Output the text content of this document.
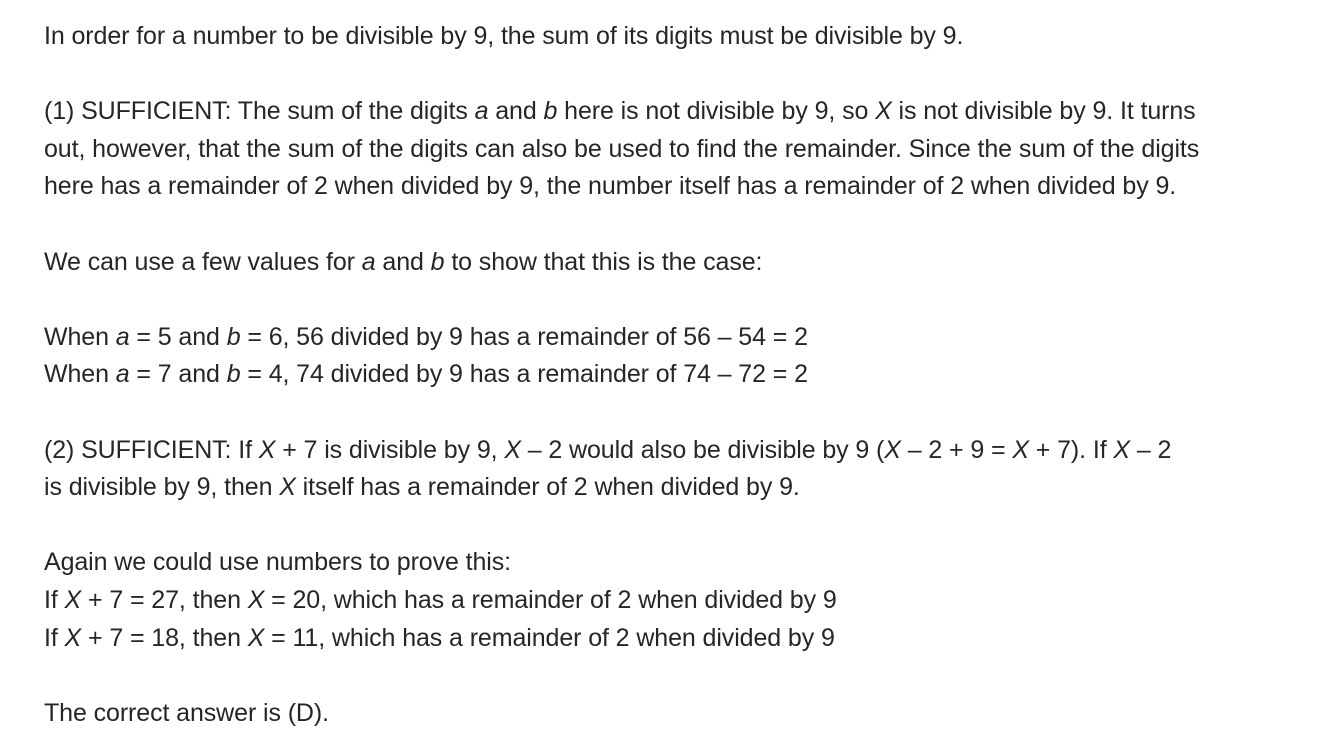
In order for a number to be divisible by 9, the sum of its digits must be divisible by 9.

(1) SUFFICIENT: The sum of the digits a and b here is not divisible by 9, so X is not divisible by 9. It turns
out, however, that the sum of the digits can also be used to find the remainder. Since the sum of the digits
here has a remainder of 2 when divided by 9, the number itself has a remainder of 2 when divided by 9.

We can use a few values for a and b to show that this is the case:

When a = 5 and b = 6, 56 divided by 9 has a remainder of 56 – 54 = 2
When a = 7 and b = 4, 74 divided by 9 has a remainder of 74 – 72 = 2

(2) SUFFICIENT: If X + 7 is divisible by 9, X – 2 would also be divisible by 9 (X – 2 + 9 = X + 7). If X – 2
is divisible by 9, then X itself has a remainder of 2 when divided by 9.

Again we could use numbers to prove this:
If X + 7 = 27, then X = 20, which has a remainder of 2 when divided by 9
If X + 7 = 18, then X = 11, which has a remainder of 2 when divided by 9

The correct answer is (D).
